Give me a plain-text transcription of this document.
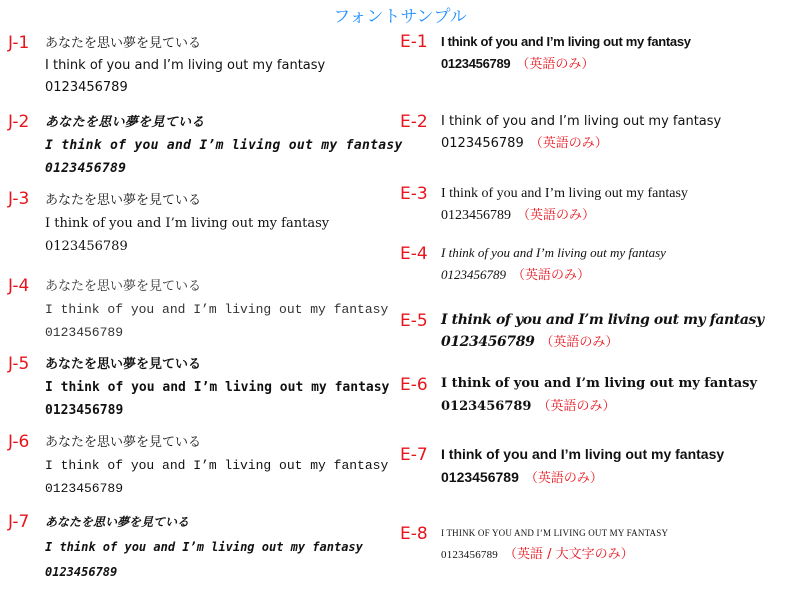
フォントサンプル
J-1 あなたを思い夢を見ている
I think of you and I’m living out my fantasy
0123456789
J-2 あなたを思い夢を見ている
I think of you and I’m living out my fantasy
0123456789
J-3 あなたを思い夢を見ている
I think of you and I’m living out my fantasy
0123456789
J-4 あなたを思い夢を見ている
I think of you and I’m living out my fantasy
0123456789
J-5 あなたを思い夢を見ている
I think of you and I’m living out my fantasy
0123456789
J-6 あなたを思い夢を見ている
I think of you and I’m living out my fantasy
0123456789
J-7 あなたを思い夢を見ている
I think of you and I’m living out my fantasy
0123456789
E-1 I think of you and I’m living out my fantasy
0123456789 （英語のみ）
E-2 I think of you and I’m living out my fantasy
0123456789 （英語のみ）
E-3 I think of you and I’m living out my fantasy
0123456789 （英語のみ）
E-4 I think of you and I’m living out my fantasy
0123456789 （英語のみ）
E-5 I think of you and I’m living out my fantasy
0123456789 （英語のみ）
E-6 I think of you and I’m living out my fantasy
0123456789 （英語のみ）
E-7 I think of you and I’m living out my fantasy
0123456789 （英語のみ）
E-8 I THINK OF YOU AND I’M LIVING OUT MY FANTASY
0123456789 （英語 / 大文字のみ）
